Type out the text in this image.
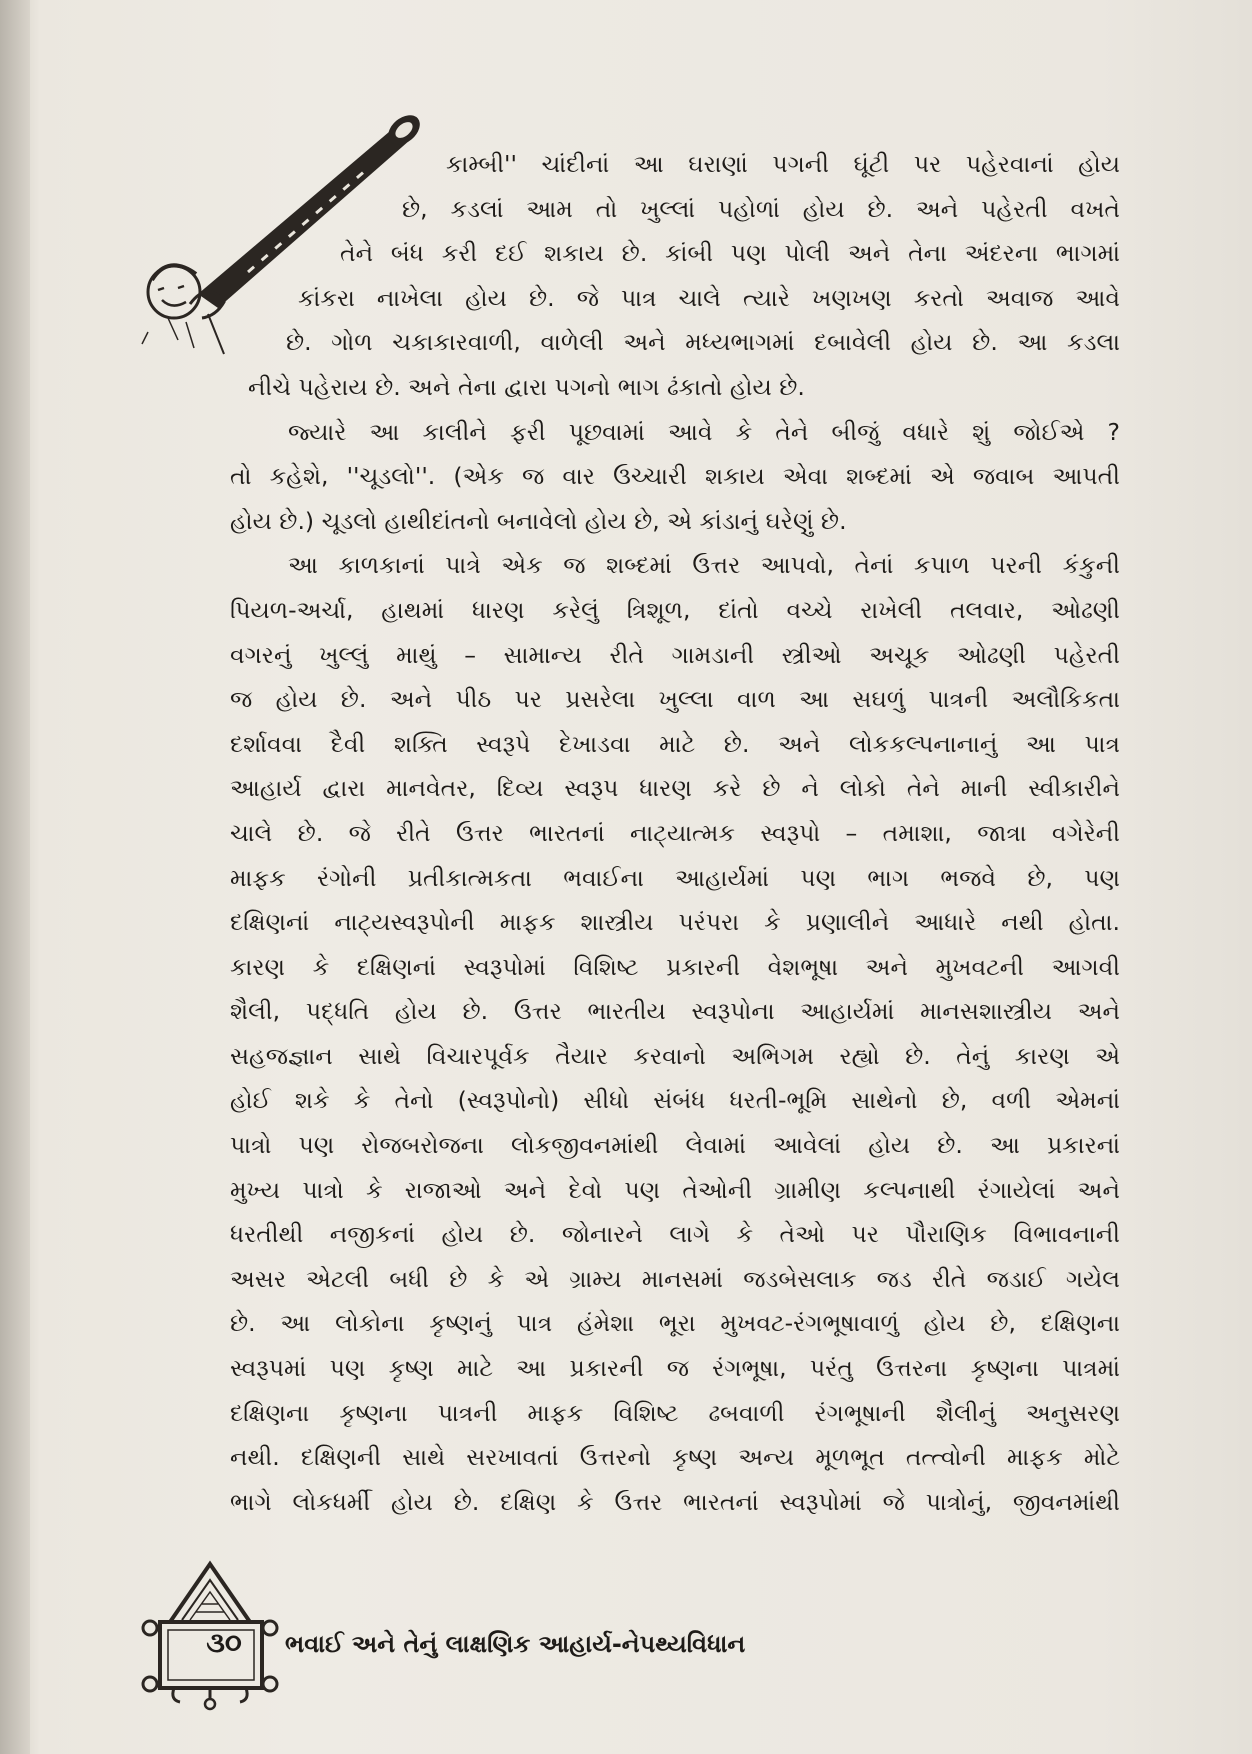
કામ્બી'' ચાંદીનાં આ ઘરાણાં પગની ઘૂંટી પર પહેરવાનાં હોય
છે, કડલાં આમ તો ખુલ્લાં પહોળાં હોય છે. અને પહેરતી વખતે
તેને બંધ કરી દઈ શકાય છે. કાંબી પણ પોલી અને તેના અંદરના ભાગમાં
કાંકરા નાખેલા હોય છે. જે પાત્ર ચાલે ત્યારે ખણખણ કરતો અવાજ આવે
છે. ગોળ ચકાકારવાળી, વાળેલી અને મધ્યભાગમાં દબાવેલી હોય છે. આ કડલા
નીચે પહેરાય છે. અને તેના દ્વારા પગનો ભાગ ઢંકાતો હોય છે.
જ્યારે આ કાલીને ફરી પૂછવામાં આવે કે તેને બીજું વધારે શું જોઈએ ?
તો કહેશે, ''ચૂડલો''. (એક જ વાર ઉચ્ચારી શકાય એવા શબ્દમાં એ જવાબ આપતી
હોય છે.) ચૂડલો હાથીદાંતનો બનાવેલો હોય છે, એ કાંડાનું ઘરેણું છે.
આ કાળકાનાં પાત્રે એક જ શબ્દમાં ઉત્તર આપવો, તેનાં કપાળ પરની કંકુની
પિયળ-અર્ચા, હાથમાં ધારણ કરેલું ત્રિશૂળ, દાંતો વચ્ચે રાખેલી તલવાર, ઓઢણી
વગરનું ખુલ્લું માથું – સામાન્ય રીતે ગામડાની સ્ત્રીઓ અચૂક ઓઢણી પહેરતી
જ હોય છે. અને પીઠ પર પ્રસરેલા ખુલ્લા વાળ આ સઘળું પાત્રની અલૌકિકતા
દર્શાવવા દૈવી શક્તિ સ્વરૂપે દેખાડવા માટે છે. અને લોકકલ્પનાનાનું આ પાત્ર
આહાર્ય દ્વારા માનવેતર, દિવ્ય સ્વરૂપ ધારણ કરે છે ને લોકો તેને માની સ્વીકારીને
ચાલે છે. જે રીતે ઉત્તર ભારતનાં નાટ્યાત્મક સ્વરૂપો – તમાશા, જાત્રા વગેરેની
માફક રંગોની પ્રતીકાત્મકતા ભવાઈના આહાર્યમાં પણ ભાગ ભજવે છે, પણ
દક્ષિણનાં નાટ્યસ્વરૂપોની માફક શાસ્ત્રીય પરંપરા કે પ્રણાલીને આધારે નથી હોતા.
કારણ કે દક્ષિણનાં સ્વરૂપોમાં વિશિષ્ટ પ્રકારની વેશભૂષા અને મુખવટની આગવી
શૈલી, પદ્ધતિ હોય છે. ઉત્તર ભારતીય સ્વરૂપોના આહાર્યમાં માનસશાસ્ત્રીય અને
સહજજ્ઞાન સાથે વિચારપૂર્વક તૈયાર કરવાનો અભિગમ રહ્યો છે. તેનું કારણ એ
હોઈ શકે કે તેનો (સ્વરૂપોનો) સીધો સંબંધ ધરતી-ભૂમિ સાથેનો છે, વળી એમનાં
પાત્રો પણ રોજબરોજના લોકજીવનમાંથી લેવામાં આવેલાં હોય છે. આ પ્રકારનાં
મુખ્ય પાત્રો કે રાજાઓ અને દેવો પણ તેઓની ગ્રામીણ કલ્પનાથી રંગાયેલાં અને
ધરતીથી નજીકનાં હોય છે. જોનારને લાગે કે તેઓ પર પૌરાણિક વિભાવનાની
અસર એટલી બધી છે કે એ ગ્રામ્ય માનસમાં જડબેસલાક જડ રીતે જડાઈ ગયેલ
છે. આ લોકોના કૃષ્ણનું પાત્ર હંમેશા ભૂરા મુખવટ-રંગભૂષાવાળું હોય છે, દક્ષિણના
સ્વરૂપમાં પણ કૃષ્ણ માટે આ પ્રકારની જ રંગભૂષા, પરંતુ ઉત્તરના કૃષ્ણના પાત્રમાં
દક્ષિણના કૃષ્ણના પાત્રની માફક વિશિષ્ટ ઢબવાળી રંગભૂષાની શૈલીનું અનુસરણ
નથી. દક્ષિણની સાથે સરખાવતાં ઉત્તરનો કૃષ્ણ અન્ય મૂળભૂત તત્ત્વોની માફક મોટે
ભાગે લોકધર્મી હોય છે. દક્ષિણ કે ઉત્તર ભારતનાં સ્વરૂપોમાં જે પાત્રોનું, જીવનમાંથી
૩૦	ભવાઈ અને તેનું લાક્ષણિક આહાર્ય-નેપથ્યવિધાન
